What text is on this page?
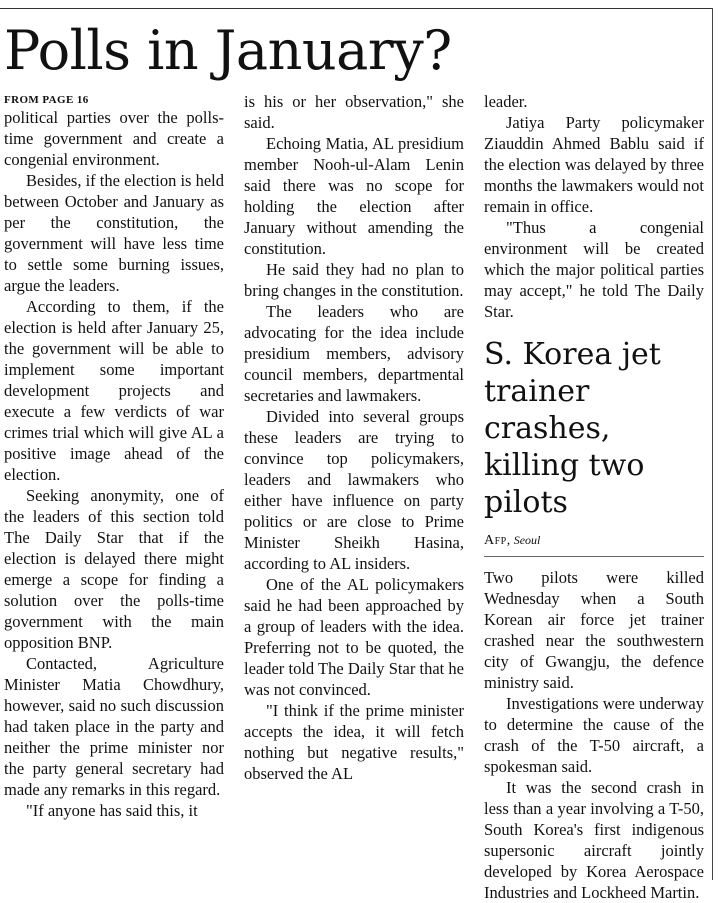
Polls in January?
FROM PAGE 16

political parties over the polls-time government and create a congenial environment.

Besides, if the election is held between October and January as per the constitution, the government will have less time to settle some burning issues, argue the leaders.

According to them, if the election is held after January 25, the government will be able to implement some important development projects and execute a few verdicts of war crimes trial which will give AL a positive image ahead of the election.

Seeking anonymity, one of the leaders of this section told The Daily Star that if the election is delayed there might emerge a scope for finding a solution over the polls-time government with the main opposition BNP.

Contacted, Agriculture Minister Matia Chowdhury, however, said no such discussion had taken place in the party and neither the prime minister nor the party general secretary had made any remarks in this regard.

"If anyone has said this, it

is his or her observation," she said.

Echoing Matia, AL presidium member Nooh-ul-Alam Lenin said there was no scope for holding the election after January without amending the constitution.

He said they had no plan to bring changes in the constitution.

The leaders who are advocating for the idea include presidium members, advisory council members, departmental secretaries and lawmakers.

Divided into several groups these leaders are trying to convince top policymakers, leaders and lawmakers who either have influence on party politics or are close to Prime Minister Sheikh Hasina, according to AL insiders.

One of the AL policymakers said he had been approached by a group of leaders with the idea. Preferring not to be quoted, the leader told The Daily Star that he was not convinced.

"I think if the prime minister accepts the idea, it will fetch nothing but negative results," observed the AL

leader.

Jatiya Party policymaker Ziauddin Ahmed Bablu said if the election was delayed by three months the lawmakers would not remain in office.

"Thus a congenial environment will be created which the major political parties may accept," he told The Daily Star.

S. Korea jet trainer crashes, killing two pilots
Afp, Seoul

Two pilots were killed Wednesday when a South Korean air force jet trainer crashed near the southwestern city of Gwangju, the defence ministry said.

Investigations were underway to determine the cause of the crash of the T-50 aircraft, a spokesman said.

It was the second crash in less than a year involving a T-50, South Korea's first indigenous supersonic aircraft jointly developed by Korea Aerospace Industries and Lockheed Martin.
